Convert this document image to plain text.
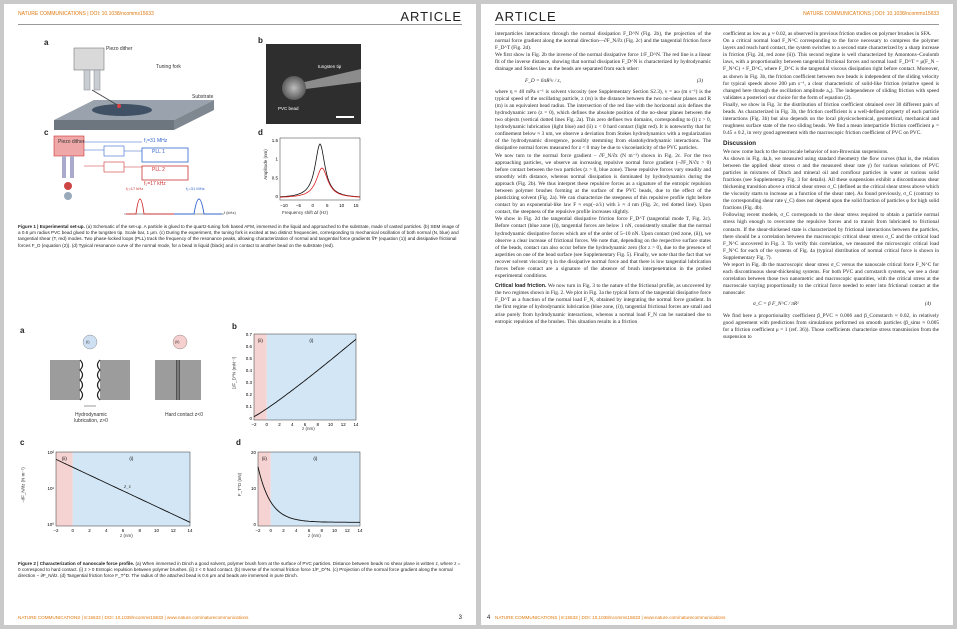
NATURE COMMUNICATIONS | DOI: 10.1038/ncomms15633	ARTICLE
a
Piezo dither
Tuning fork
Substrate
b
tungsten tip
PVC bead
c
Piezo dither
PLL 1
PLL 2
f₁=31 MHz
f₂=17 kHz
f₁=17 kHz	f₁=31 MHz
f (kHz)
1.5
1
0.5
0
−10 −5 0	5 10 15
d
Amplitude (nm)
Frequency shift Δf (Hz)
Figure 1 | Experimental set-up. (a) Schematic of the set-up. A particle is glued to the quartz-tuning fork based AFM, immersed in the liquid and approached to the substrate, made of casted particles. (b) SEM image of a 0.6 μm radius PVC bead glued to the tungsten tip. Scale bar, 1 μm. (c) During the experiment, the tuning fork is excited at two distinct frequencies, corresponding to mechanical oscillation of both normal (N, blue) and tangential shear (T, red) modes. Two phase-locked loops (PLL) track the frequency of the resonance peaks, allowing characterization of normal and tangential force gradients ∇F (equation (1)) and dissipative frictional forces F_D (equation (2)). (d) Typical resonance curve of the normal mode, for a bead in liquid (black) and in contact to another bead on the substrate (red).
a
(i)	(ii)
Hydrodynamic lubrication, z>0
Hard contact z<0
0.7
0.6
0.5
0.4
0.3
0.2
0.1
0
−2 0 2 4 6 8 10 12 14
(ii)	(i)
b
1/F_D^N (mN⁻¹)
z (nm)
10²
10¹
10⁰
−2	0	2	4	6	8	10	12	14
(ii)	(i)
c
−∂F_N/∂z (N m⁻¹)
z (nm)
z_c
20
10
0
−2 0 2 4 6 8 10 12 14
(ii)	(i)
d
F_T^D (nN)
z (nm)
Figure 2 | Characterization of nanoscale force profile. (a) When immersed in Dinch a good solvent, polymer brush form at the surface of PVC particles. Distance between beads no shear plane is written z, where z = 0 correspond to hard contact. (i) z > 0 Entropic repulsion between polymer brushes. (ii) z < 0 hard contact. (b) Inverse of the normal friction force 1/F_D^N. (c) Projection of the normal force gradient along the normal direction − ∂F_N/∂z. (d) Tangential friction force F_T^D. The radius of the attached bead is 0.6 μm and beads are immersed in pure Dinch.
NATURE COMMUNICATIONS | 8:15633 | DOI: 10.1038/ncomms15633 | www.nature.com/naturecommunications	3
ARTICLE	NATURE COMMUNICATIONS | DOI: 10.1038/ncomms15633

interparticles interactions through the normal dissipation F_D^N (Fig. 2b), the projection of the normal force gradient along the normal direction—∂F_N/∂z (Fig. 2c) and the tangential friction force F_D^T (Fig. 2d).

We first show in Fig. 2b the inverse of the normal dissipative force 1/F_D^N. The red line is a linear fit of the inverse distance, showing that normal dissipation F_D^N is characterized by hydrodynamic drainage and Stokes law as the beads are separated from each other:

F_D = 6πR²v / z,	(3)

where η ≈ 40 mPa s⁻¹ is solvent viscosity (see Supplementary Section S2.3), v = aω (m s⁻¹) is the typical speed of the oscillating particle, z (m) is the distance between the two no-shear planes and R (m) is an equivalent bead radius. The intersection of the red line with the horizontal axis defines the hydrodynamic zero (z = 0), which defines the absolute position of the no-shear planes between the two objects (vertical dotted lines Fig. 2a). This zero defines two domains, corresponding to (i) z > 0, hydrodynamic lubrication (light blue) and (ii) z < 0 hard contact (light red). It is noteworthy that for confinement below ≈ 3 nm, we observe a deviation from Stokes hydrodynamics with a regularization of the hydrodynamic divergence, possibly stemming from elastohydrodynamic interactions. The dissipative normal forces measured for z < 0 may be due to viscoelasticity of the PVC particles.

We now turn to the normal force gradient − ∂F_N/∂z (N m⁻¹) shown in Fig. 2c. For the two approaching particles, we observe an increasing repulsive normal force gradient (−∂F_N/∂z > 0) before contact between the two particles (z > 0, blue zone). These repulsive forces vary steadily and smoothly with distance, whereas normal dissipation is dominated by hydrodynamics during the approach (Fig. 2b). We thus interpret these repulsive forces as a signature of the entropic repulsion between polymer brushes forming at the surface of the PVC beads, due to the effect of the plasticizing solvent (Fig. 2a). We can characterize the steepness of this repulsive profile right before contact by an exponential-like law F ≈ exp(−z/λ) with λ ≈ 4 nm (Fig. 2c, red dotted line). Upon contact, the steepness of the repulsive profile increases slightly.

We show in Fig. 2d the tangential dissipative friction force F_D^T (tangential mode T, Fig. 2c). Before contact (blue zone (i)), tangential forces are below 1 nN, consistently smaller that the normal hydrodynamic dissipative forces which are of the order of 5–10 nN. Upon contact (red zone, (ii)), we observe a clear increase of frictional forces. We note that, depending on the respective surface states of the beads, contact can also occur before the hydrodynamic zero (for z > 0), due to the presence of asperities on one of the bead surface (see Supplementary Fig. 5). Finally, we note that the fact that we recover solvent viscosity η in the dissipative normal force and that there is low tangential lubrication forces before contact are a signature of the absence of brush interpenetration in the probed experimental conditions.

Critical load friction. We now turn in Fig. 3 to the nature of the frictional profile, as uncovered by the two regimes shown in Fig. 2. We plot in Fig. 3a the typical form of the tangential dissipative force F_D^T as a function of the normal load F_N, obtained by integrating the normal force gradient. In the first regime of hydrodynamic lubrication (blue zone, (i)), tangential frictional forces are small and arise purely from hydrodynamic interactions, whereas a normal load F_N can be sustained due to entropic repulsion of the brushes. This situation results in a friction

coefficient as low as μ ≈ 0.02, as observed in previous friction studies on polymer brushes in SFA.

On a critical normal load F_N^C corresponding to the force necessary to compress the polymer layers and reach hard contact, the system switches to a second state characterized by a sharp increase in friction (Fig. 2d, red zone (ii)). This second regime is well characterized by Amontons–Coulomb laws, with a proportionality between tangential frictional forces and normal load: F_D^T = μ(F_N − F_N^C) + F_D^C, where F_D^C is the tangential viscous dissipation right before contact. Moreover, as shown in Fig. 3b, the friction coefficient between two beads is independent of the sliding velocity for typical speeds above 200 μm s⁻¹, a clear characteristic of solid-like friction (relative speed is changed here through the oscillation amplitude a₀). The independence of sliding friction with speed validates a posteriori our choice for the form of equation (2).

Finally, we show in Fig. 3c the distribution of friction coefficient obtained over 30 different pairs of beads. As characterized in Fig. 3b, the friction coefficient is a well-defined property of each particle interactions (Fig. 3b) but also depends on the local physicochemical, geometrical, mechanical and roughness surface state of the two sliding beads. We find a mean interparticle friction coefficient μ = 0.45 ± 0.2, in very good agreement with the macroscopic friction coefficient of PVC on PVC.

Discussion

We now come back to the macroscale behavior of non-Brownian suspensions.

As shown in Fig. 4a,b, we measured using standard rheometry the flow curves (that is, the relation between the applied shear stress σ and the measured shear rate γ̇) for various solutions of PVC particles in mixtures of Dinch and mineral oil and cornflour particles in water at various solid fractions (see Supplementary Fig. 3 for details). All these suspensions exhibit a discontinuous shear thickening transition above a critical shear stress σ_C (defined as the critical shear stress above which the viscosity starts to increase as a function of the shear rate). As found previously, σ_C (contrary to the corresponding shear rate γ̇_C) does not depend upon the solid fraction of particles φ for high solid fractions (Fig. 4b).

Following recent models, σ_C corresponds to the shear stress required to obtain a particle normal stress high enough to overcome the repulsive forces and to transit from lubricated to frictional contacts. If the shear-thickened state is characterized by frictional interactions between the particles, there should be a correlation between the macroscopic critical shear stress σ_C and the critical load F_N^C uncovered in Fig. 3. To verify this correlation, we measured the microscopic critical load F_N^C for each of the systems of Fig. 4a (typical distribution of normal critical force is shown in Supplementary Fig. 7).

We report in Fig. 4b the macroscopic shear stress σ_C versus the nanoscale critical force F_N^C for each discontinuous shear-thickening systems. For both PVC and cornstarch systems, we see a clear correlation between those two nanometric and macroscopic quantities, with the critical stress at the macroscale varying proportionally to the critical force needed to enter into frictional contact at the nanoscale:

σ_C = β F_N^C / πR²	(4)

We find here a proportionality coefficient β_PVC ≈ 0.006 and β_Cornstarch ≈ 0.02, in relatively good agreement with predictions from simulations performed on smooth particles (β_sims ≈ 0.005 for a friction coefficient μ = 1 (ref. 36)). Those coefficients characterize stress transmission from the suspension to

NATURE COMMUNICATIONS | 8:15633 | DOI: 10.1038/ncomms15633 | www.nature.com/naturecommunications
4
